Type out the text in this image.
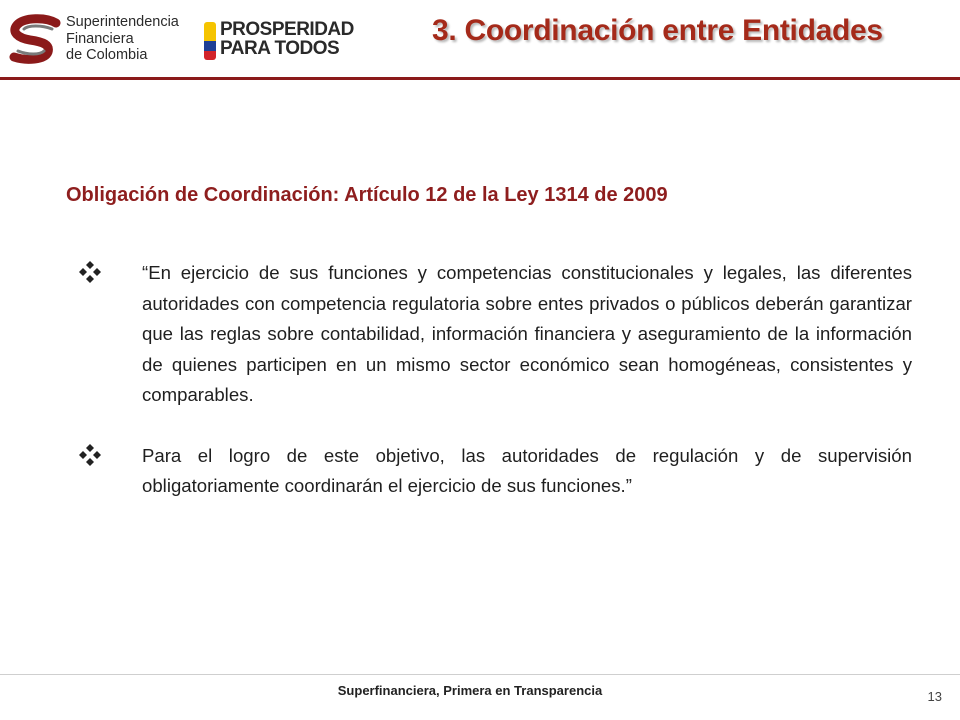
Superintendencia
Financiera
de Colombia
PROSPERIDAD
PARA TODOS
3. Coordinación entre Entidades
Obligación de Coordinación: Artículo 12 de la Ley 1314 de 2009
“En ejercicio de sus funciones y competencias constitucionales y legales, las diferentes autoridades con competencia regulatoria sobre entes privados o públicos deberán garantizar que las reglas sobre contabilidad, información financiera y aseguramiento de la información de quienes participen en un mismo sector económico sean homogéneas, consistentes y comparables.
Para el logro de este objetivo, las autoridades de regulación y de supervisión obligatoriamente coordinarán el ejercicio de sus funciones.”
Superfinanciera, Primera en Transparencia	13
